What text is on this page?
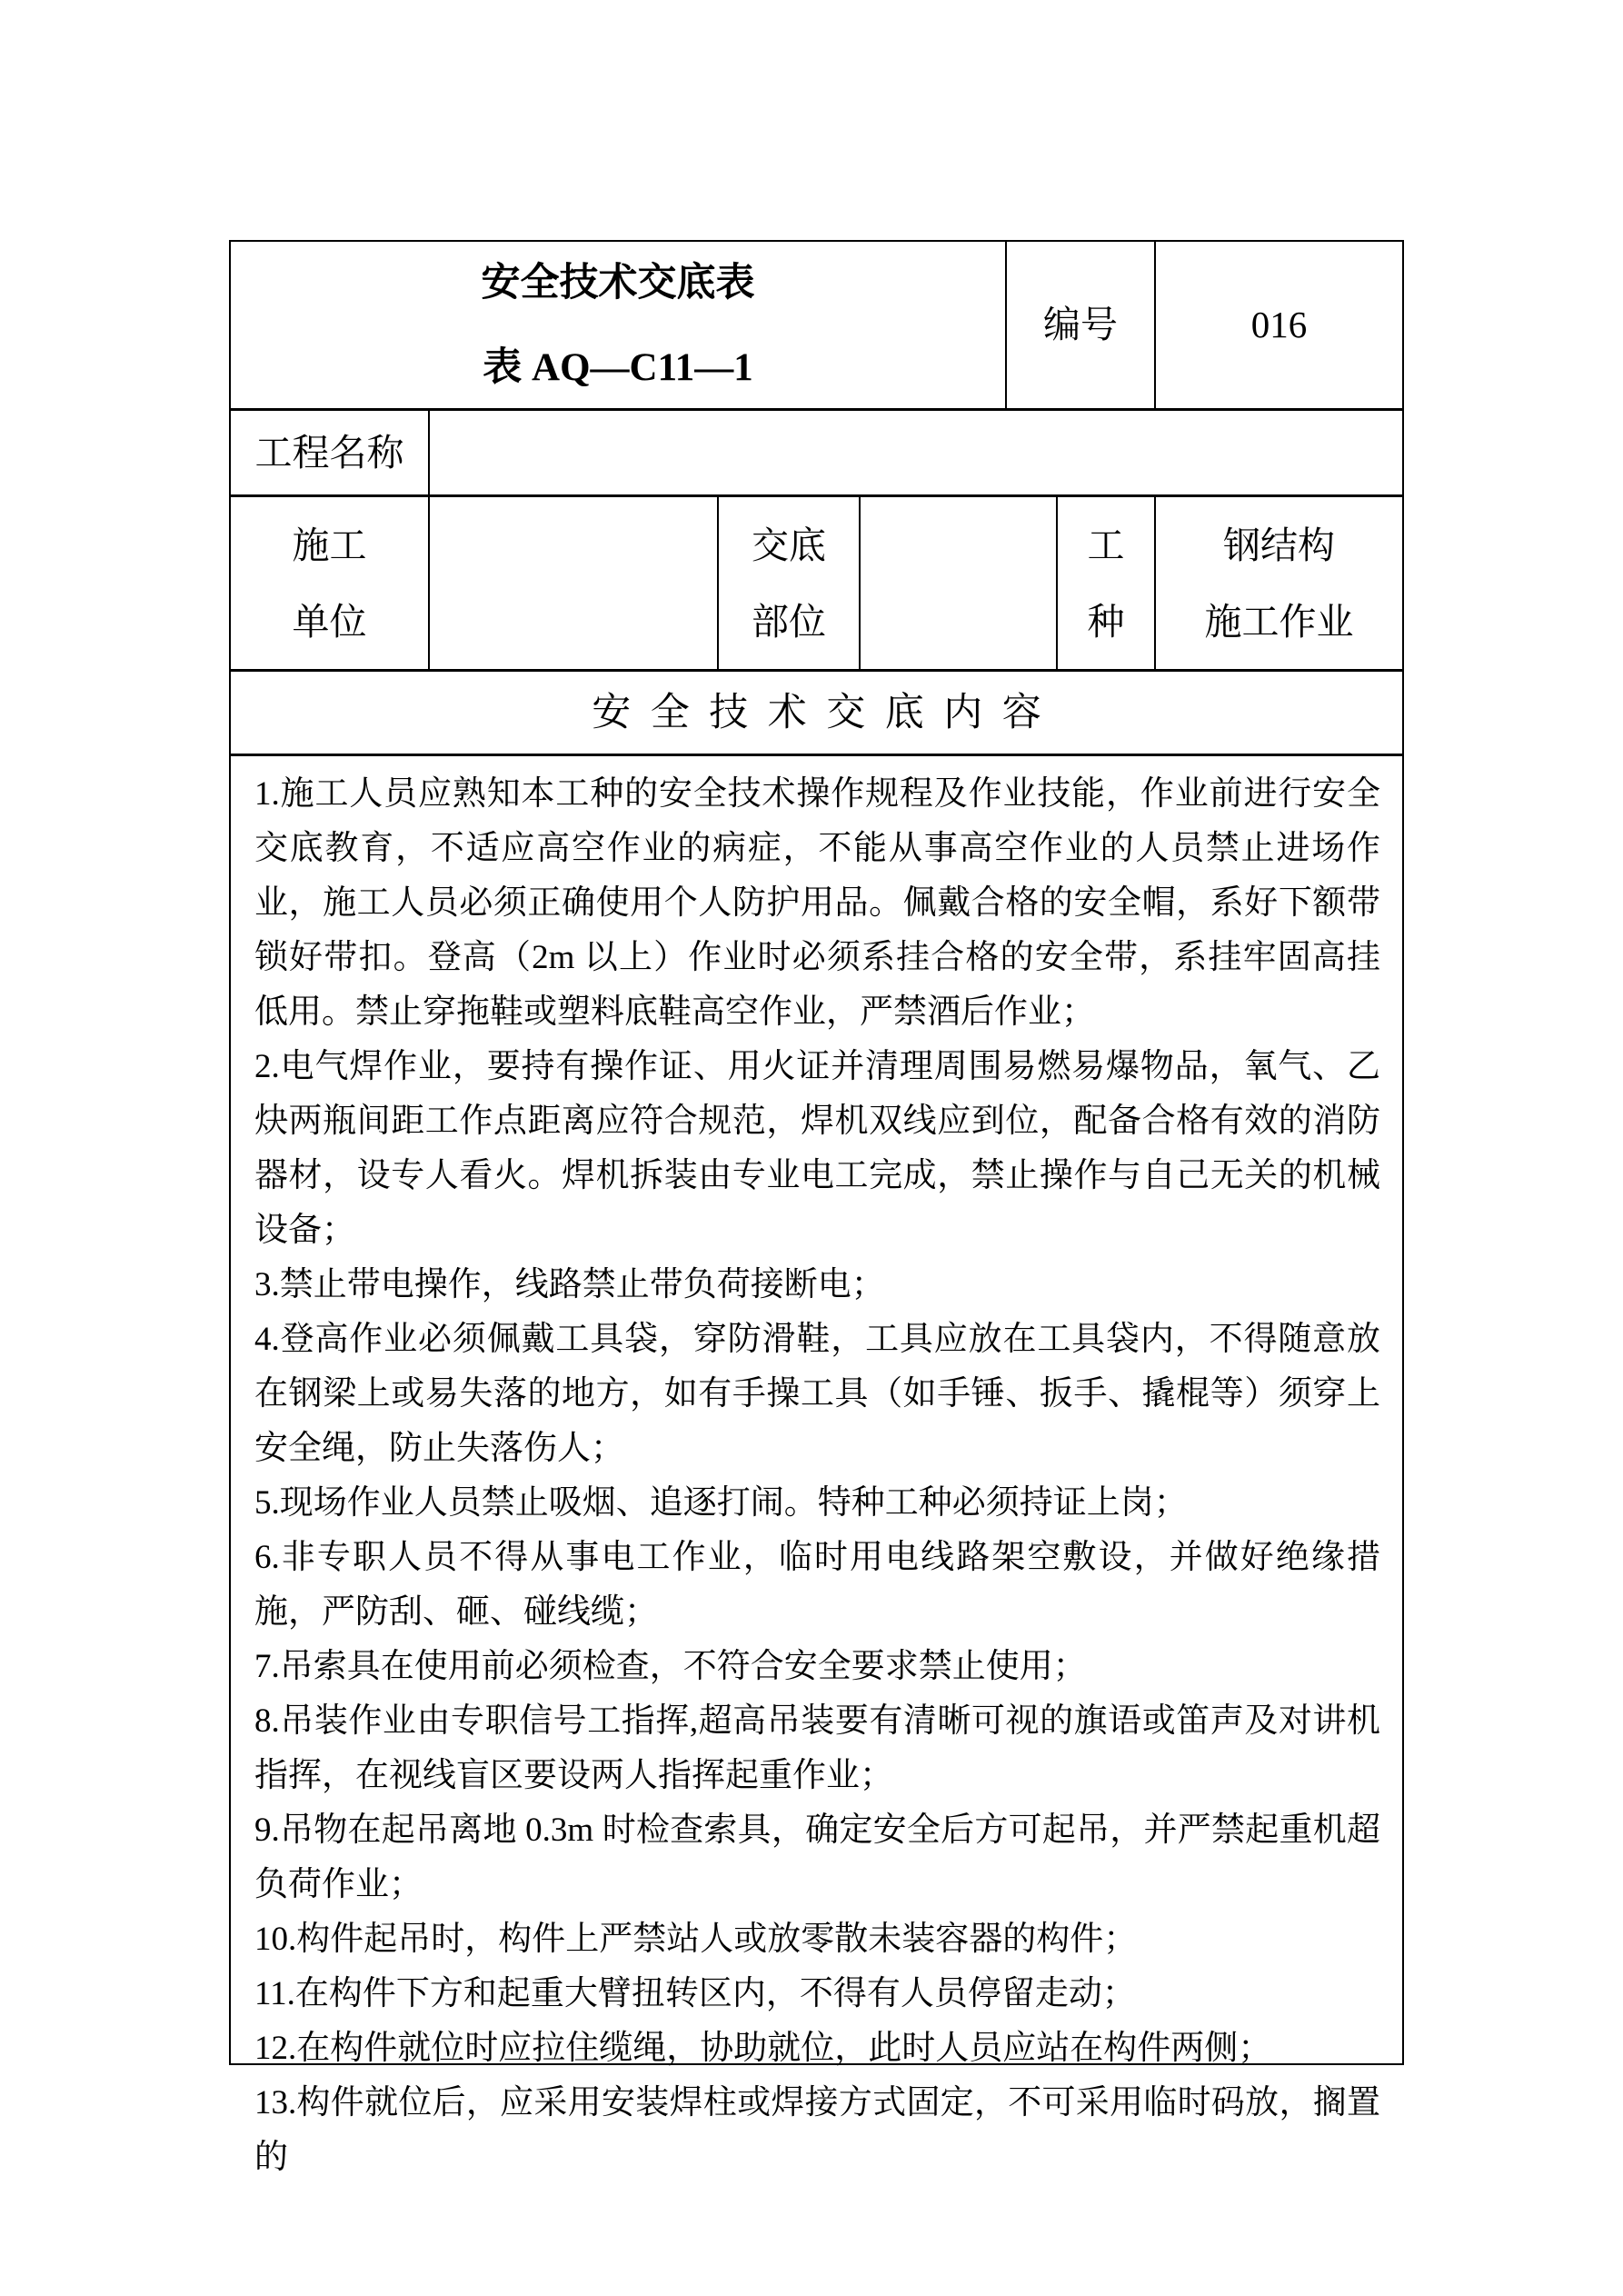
安全技术交底表
表 AQ—C11—1
编号	016
工程名称
施工
单位
交底
部位
工
种
钢结构
施工作业
安全技术交底内容

1.施工人员应熟知本工种的安全技术操作规程及作业技能，作业前进行安全交底教育，不适应高空作业的病症，不能从事高空作业的人员禁止进场作业，施工人员必须正确使用个人防护用品。佩戴合格的安全帽，系好下额带锁好带扣。登高（2m 以上）作业时必须系挂合格的安全带，系挂牢固高挂低用。禁止穿拖鞋或塑料底鞋高空作业，严禁酒后作业；

2.电气焊作业，要持有操作证、用火证并清理周围易燃易爆物品，氧气、乙炔两瓶间距工作点距离应符合规范，焊机双线应到位，配备合格有效的消防器材，设专人看火。焊机拆装由专业电工完成，禁止操作与自己无关的机械设备；

3.禁止带电操作，线路禁止带负荷接断电；

4.登高作业必须佩戴工具袋，穿防滑鞋，工具应放在工具袋内，不得随意放在钢梁上或易失落的地方，如有手操工具（如手锤、扳手、撬棍等）须穿上安全绳，防止失落伤人；

5.现场作业人员禁止吸烟、追逐打闹。特种工种必须持证上岗；

6.非专职人员不得从事电工作业，临时用电线路架空敷设，并做好绝缘措施，严防刮、砸、碰线缆；

7.吊索具在使用前必须检查，不符合安全要求禁止使用；

8.吊装作业由专职信号工指挥,超高吊装要有清晰可视的旗语或笛声及对讲机指挥，在视线盲区要设两人指挥起重作业；

9.吊物在起吊离地 0.3m 时检查索具，确定安全后方可起吊，并严禁起重机超负荷作业；

10.构件起吊时，构件上严禁站人或放零散未装容器的构件；

11.在构件下方和起重大臂扭转区内，不得有人员停留走动；

12.在构件就位时应拉住缆绳，协助就位，此时人员应站在构件两侧；

13.构件就位后，应采用安装焊柱或焊接方式固定，不可采用临时码放，搁置的
